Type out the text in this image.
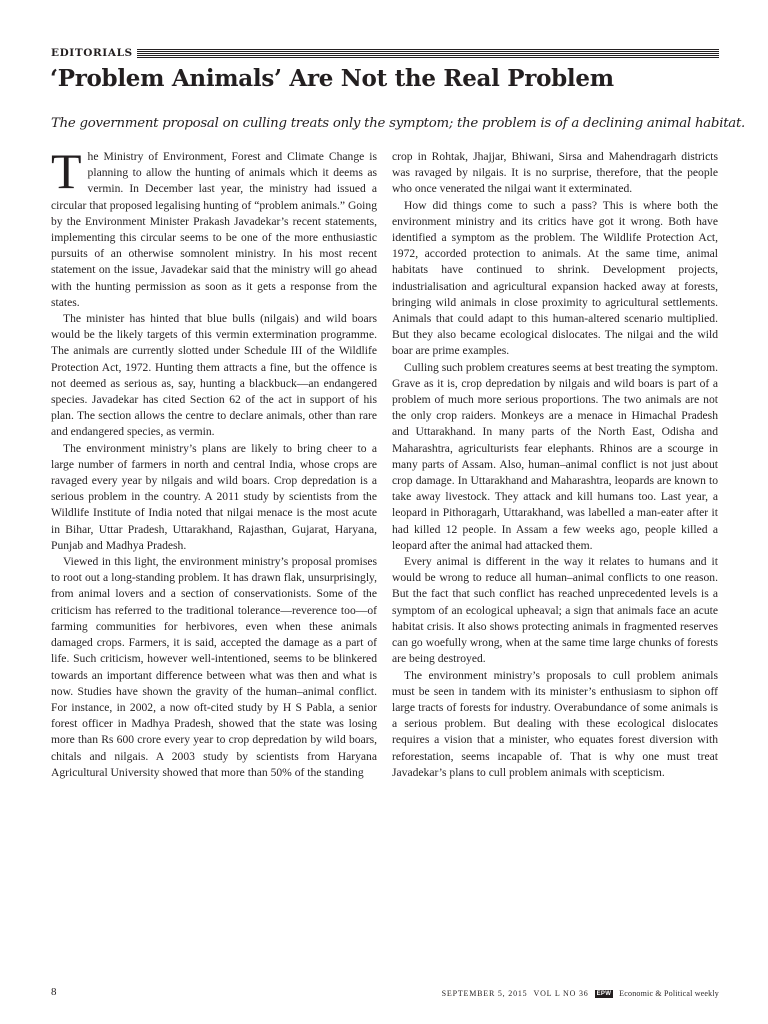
EDITORIALS
‘Problem Animals’ Are Not the Real Problem

The government proposal on culling treats only the symptom; the problem is of a declining animal habitat.

T he Ministry of Environment, Forest and Climate Change is planning to allow the hunting of animals which it deems as vermin. In December last year, the ministry had issued a circular that proposed legalising hunting of “problem animals.” Going by the Environment Minister Prakash Javadekar’s recent statements, implementing this circular seems to be one of the more enthusiastic pursuits of an otherwise somnolent ministry. In his most recent statement on the issue, Javadekar said that the ministry will go ahead with the hunting permission as soon as it gets a response from the states.

The minister has hinted that blue bulls (nilgais) and wild boars would be the likely targets of this vermin extermination programme. The animals are currently slotted under Schedule III of the Wildlife Protection Act, 1972. Hunting them attracts a fine, but the offence is not deemed as serious as, say, hunting a blackbuck—an endangered species. Javadekar has cited Section 62 of the act in support of his plan. The section allows the centre to declare animals, other than rare and endangered species, as vermin.

The environment ministry’s plans are likely to bring cheer to a large number of farmers in north and central India, whose crops are ravaged every year by nilgais and wild boars. Crop depredation is a serious problem in the country. A 2011 study by scientists from the Wildlife Institute of India noted that nilgai menace is the most acute in Bihar, Uttar Pradesh, Uttarakhand, Rajasthan, Gujarat, Haryana, Punjab and Madhya Pradesh.

Viewed in this light, the environment ministry’s proposal promises to root out a long-standing problem. It has drawn flak, unsurprisingly, from animal lovers and a section of conservationists. Some of the criticism has referred to the traditional tolerance—reverence too—of farming communities for herbivores, even when these animals damaged crops. Farmers, it is said, accepted the damage as a part of life. Such criticism, however well-intentioned, seems to be blinkered towards an important difference between what was then and what is now. Studies have shown the gravity of the human–animal conflict. For instance, in 2002, a now oft-cited study by H S Pabla, a senior forest officer in Madhya Pradesh, showed that the state was losing more than Rs 600 crore every year to crop depredation by wild boars, chitals and nilgais. A 2003 study by scientists from Haryana Agricultural University showed that more than 50% of the standing

crop in Rohtak, Jhajjar, Bhiwani, Sirsa and Mahendragarh districts was ravaged by nilgais. It is no surprise, therefore, that the people who once venerated the nilgai want it exterminated.

How did things come to such a pass? This is where both the environment ministry and its critics have got it wrong. Both have identified a symptom as the problem. The Wildlife Protection Act, 1972, accorded protection to animals. At the same time, animal habitats have continued to shrink. Development projects, industrialisation and agricultural expansion hacked away at forests, bringing wild animals in close proximity to agricultural settlements. Animals that could adapt to this human-altered scenario multiplied. But they also became ecological dislocates. The nilgai and the wild boar are prime examples.

Culling such problem creatures seems at best treating the symptom. Grave as it is, crop depredation by nilgais and wild boars is part of a problem of much more serious proportions. The two animals are not the only crop raiders. Monkeys are a menace in Himachal Pradesh and Uttarakhand. In many parts of the North East, Odisha and Maharashtra, agriculturists fear elephants. Rhinos are a scourge in many parts of Assam. Also, human–animal conflict is not just about crop damage. In Uttarakhand and Maharashtra, leopards are known to take away livestock. They attack and kill humans too. Last year, a leopard in Pithoragarh, Uttarakhand, was labelled a man-eater after it had killed 12 people. In Assam a few weeks ago, people killed a leopard after the animal had attacked them.

Every animal is different in the way it relates to humans and it would be wrong to reduce all human–animal conflicts to one reason. But the fact that such conflict has reached unprecedented levels is a symptom of an ecological upheaval; a sign that animals face an acute habitat crisis. It also shows protecting animals in fragmented reserves can go woefully wrong, when at the same time large chunks of forests are being destroyed.

The environment ministry’s proposals to cull problem animals must be seen in tandem with its minister’s enthusiasm to siphon off large tracts of forests for industry. Overabundance of some animals is a serious problem. But dealing with these ecological dislocates requires a vision that a minister, who equates forest diversion with reforestation, seems incapable of. That is why one must treat Javadekar’s plans to cull problem animals with scepticism.

8	SEPTEMBER 5, 2015 VOL L NO 36	EPW Economic & Political weekly
